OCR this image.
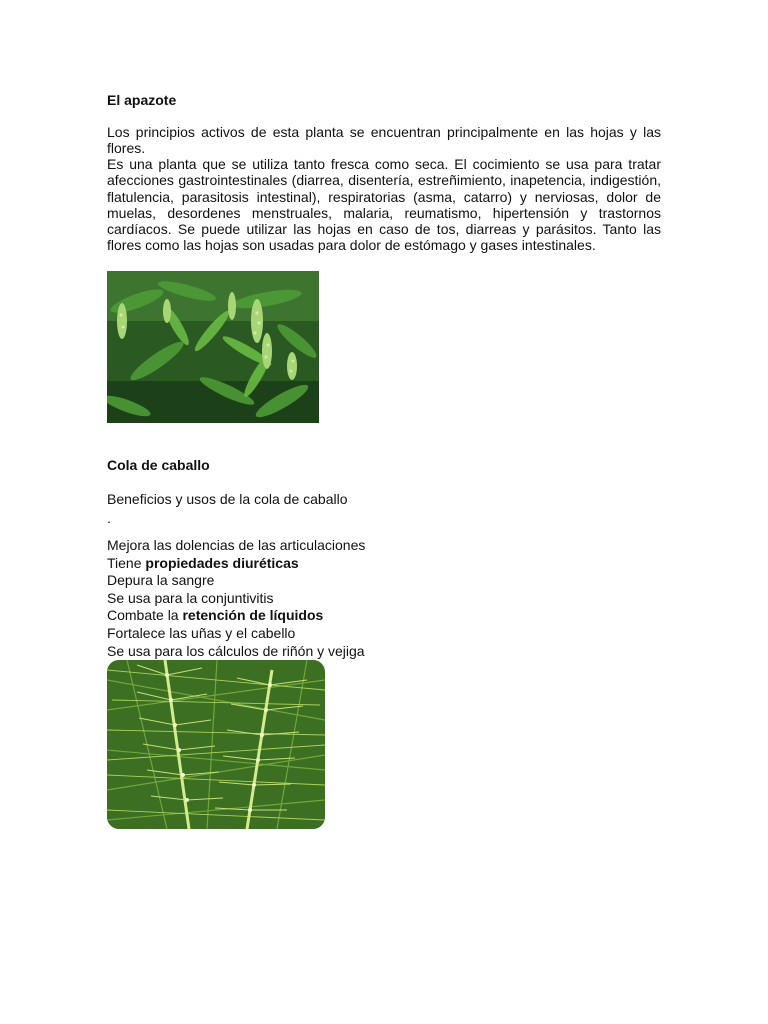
El apazote

Los principios activos de esta planta se encuentran principalmente en las hojas y las flores.

Es una planta que se utiliza tanto fresca como seca. El cocimiento se usa para tratar afecciones gastrointestinales (diarrea, disentería, estreñimiento, inapetencia, indigestión, flatulencia, parasitosis intestinal), respiratorias (asma, catarro) y nerviosas, dolor de muelas, desordenes menstruales, malaria, reumatismo, hipertensión y trastornos cardíacos. Se puede utilizar las hojas en caso de tos, diarreas y parásitos. Tanto las flores como las hojas son usadas para dolor de estómago y gases intestinales.

Cola de caballo

Beneficios y usos de la cola de caballo

.

Mejora las dolencias de las articulaciones

Tiene propiedades diuréticas

Depura la sangre

Se usa para la conjuntivitis

Combate la retención de líquidos

Fortalece las uñas y el cabello

Se usa para los cálculos de riñón y vejiga
